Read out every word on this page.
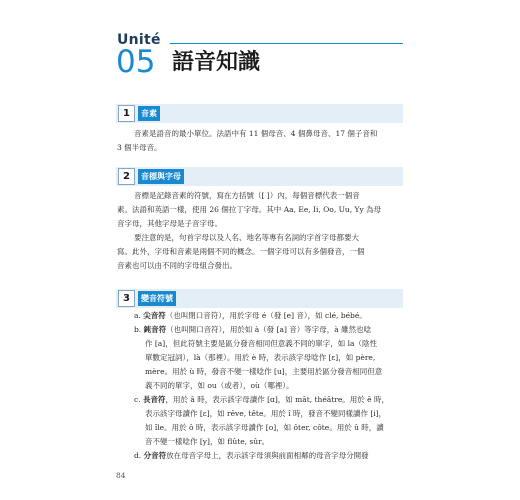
Unité
05 語音知識
1	音素

音素是語音的最小單位。法語中有 11 個母音、4 個鼻母音、17 個子音和

3 個半母音。

2	音標與字母

音標是記錄音素的符號，寫在方括號（[ ]）內，每個音標代表一個音

素。法語和英語一樣，使用 26 個拉丁字母。其中 Aa, Ee, Ii, Oo, Uu, Yy 為母

音字母，其他字母是子音字母。

要注意的是，句首字母以及人名、地名等專有名詞的字首字母都要大

寫。此外，字母和音素是兩個不同的概念。一個字母可以有多個發音，一個

音素也可以由不同的字母組合發出。

3	變音符號

a. 尖音符（也叫閉口音符），用於字母 é（發 [e] 音），如 clé, bébé。

b. 鈍音符（也叫開口音符），用於如 à（發 [a] 音）等字母，à 雖然也唸

作 [a]，但此符號主要是區分發音相同但意義不同的單字，如 la（陰性

單數定冠詞），là（那裡）。用於 è 時，表示該字母唸作 [ɛ]，如 père,

mère。用於 ù 時，發音不變一樣唸作 [u]，主要用於區分發音相同但意

義不同的單字，如 ou（或者），où（哪裡）。

c. 長音符，用於 â 時，表示該字母讀作 [ɑ]，如 mât, théâtre。用於 ê 時，

表示該字母讀作 [ɛ]，如 rêve, tête。用於 î 時，發音不變同樣讀作 [i]，

如 île。用於 ô 時，表示該字母讀作 [o]，如 ôter, côte。用於 û 時，讀

音不變一樣唸作 [y]，如 flûte, sûr。

d. 分音符放在母音字母上，表示該字母須與前面相鄰的母音字母分開發

84
